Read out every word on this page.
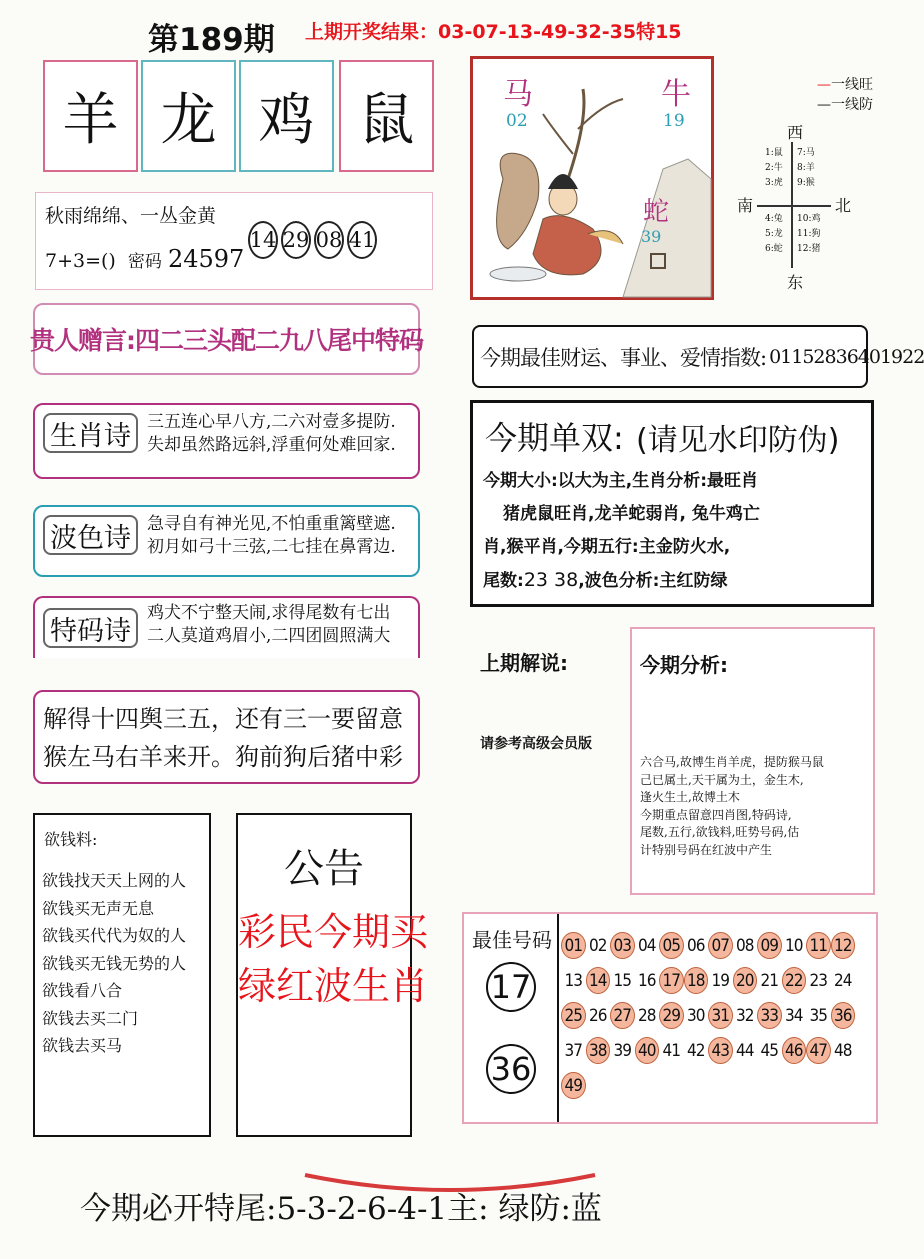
第189期 上期开奖结果：03-07-13-49-32-35特15
羊 龙 鸡 鼠
秋雨绵绵、一丛金黄
7+3=() 密码 24597
14 29 08 41
贵人赠言:四二三头配二九八尾中特码
生肖诗 三五连心早八方,二六对壹多提防.
失却虽然路远斜,浮重何处难回家.
波色诗 急寻自有神光见,不怕重重篱壁遮.
初月如弓十三弦,二七挂在鼻霄边.
特码诗
鸡犬不宁整天闹,求得尾数有七出
二人莫道鸡眉小,二四团圆照满大
解得十四舆三五，还有三一要留意
猴左马右羊来开。狗前狗后猪中彩
欲钱料:
欲钱找天天上网的人
欲钱买无声无息
欲钱买代代为奴的人
欲钱买无钱无势的人
欲钱看八合
欲钱去买二门
欲钱去买马
公告
彩民今期买
绿红波生肖
马
02
牛
19
蛇
39
—一线旺
—一线防
西
南	北
东
1:鼠
2:牛
3:虎
7:马
8:羊
9:猴
4:兔
5:龙
6:蛇
10:鸡
11:狗
12:猪
今期最佳财运、事业、爱情指数: 01152836401922
今期单双: (请见水印防伪)
今期大小:以大为主,生肖分析:最旺肖
猪虎鼠旺肖,龙羊蛇弱肖, 兔牛鸡亡
肖,猴平肖,今期五行:主金防火水,
尾数:23 38,波色分析:主红防绿
上期解说:
请参考高级会员版
今期分析:
六合马,故博生肖羊虎，提防猴马鼠
己已属土,天干属为土，金生木,
逢火生土,故博土木
今期重点留意四肖图,特码诗,
尾数,五行,欲钱料,旺势号码,估
计特别号码在红波中产生
最佳号码
17
36
01 02 03 04 05 06 07 08 09 10 11 12
13 14 15 16 17 18 19 20 21 22 23 24
25 26 27 28 29 30 31 32 33 34 35 36
37 38 39 40 41 42 43 44 45 46 47 48
49
今期必开特尾:5-3-2-6-4-1主: 绿防:蓝
